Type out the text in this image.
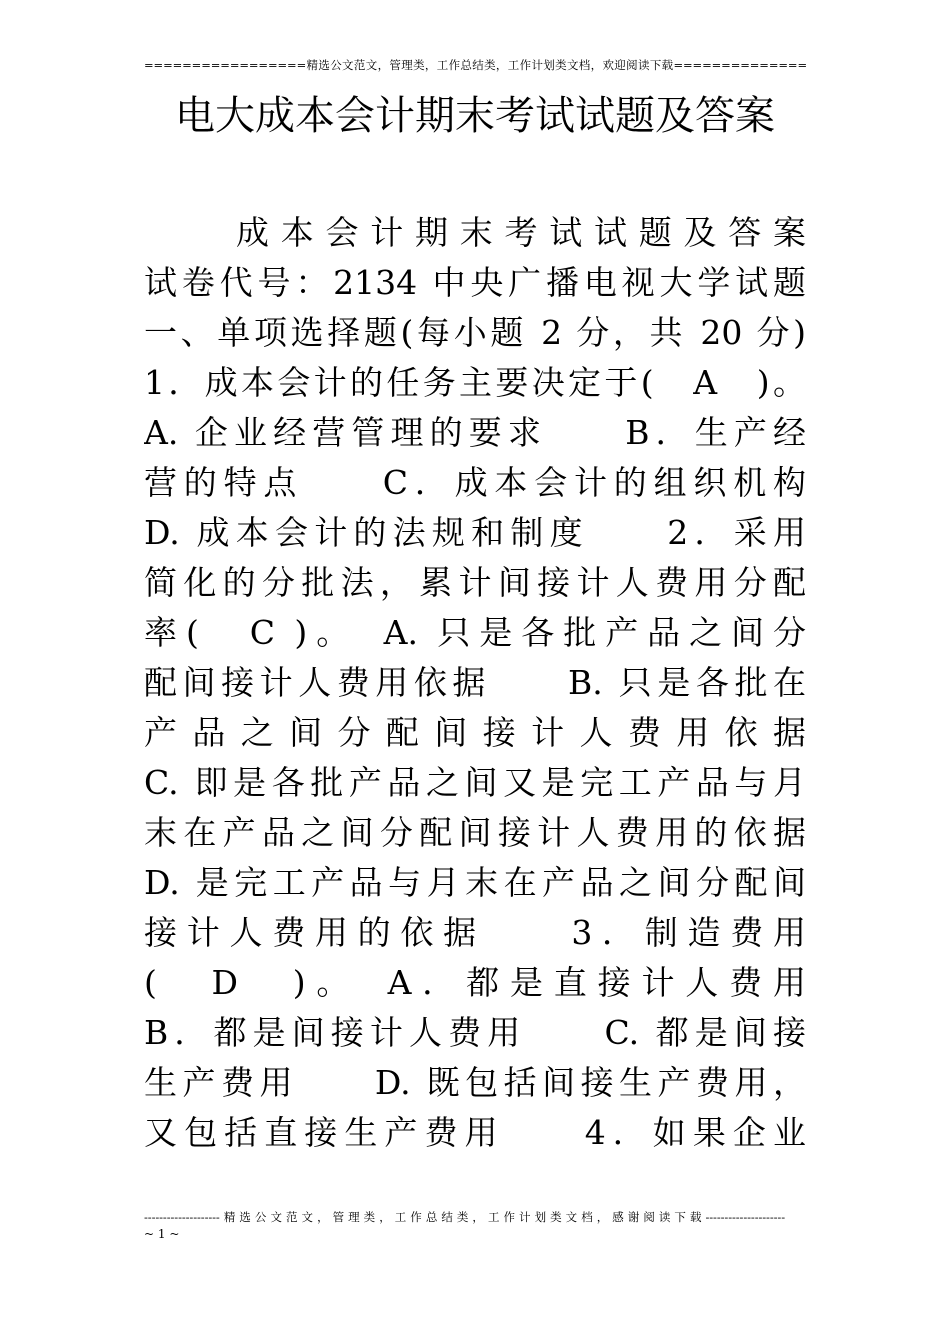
=================精选公文范文，管理类，工作总结类，工作计划类文档，欢迎阅读下载==============
电大成本会计期末考试试题及答案
成本会计期末考试试题及答案
试卷代号：2134 中央广播电视大学试题
一、单项选择题(每小题 2 分，共 20 分)
1．成本会计的任务主要决定于(　A　)。
A. 企业经营管理的要求　　B．生产经
营的特点　　C．成本会计的组织机构
D. 成本会计的法规和制度　　2．采用
简化的分批法，累计间接计人费用分配
率(　C )。　A. 只是各批产品之间分
配间接计人费用依据　　B. 只是各批在
产品之间分配间接计人费用依据
C. 即是各批产品之间又是完工产品与月
末在产品之间分配间接计人费用的依据
D. 是完工产品与月末在产品之间分配间
接计人费用的依据　　3．制造费用
(　D　)。　A．都是直接计人费用
B．都是间接计人费用　　C. 都是间接
生产费用　　D. 既包括间接生产费用，
又包括直接生产费用　　4．如果企业
--------------------精选公文范文，管理类，工作总结类，工作计划类文档，感谢阅读下载---------------------
~ 1 ~
